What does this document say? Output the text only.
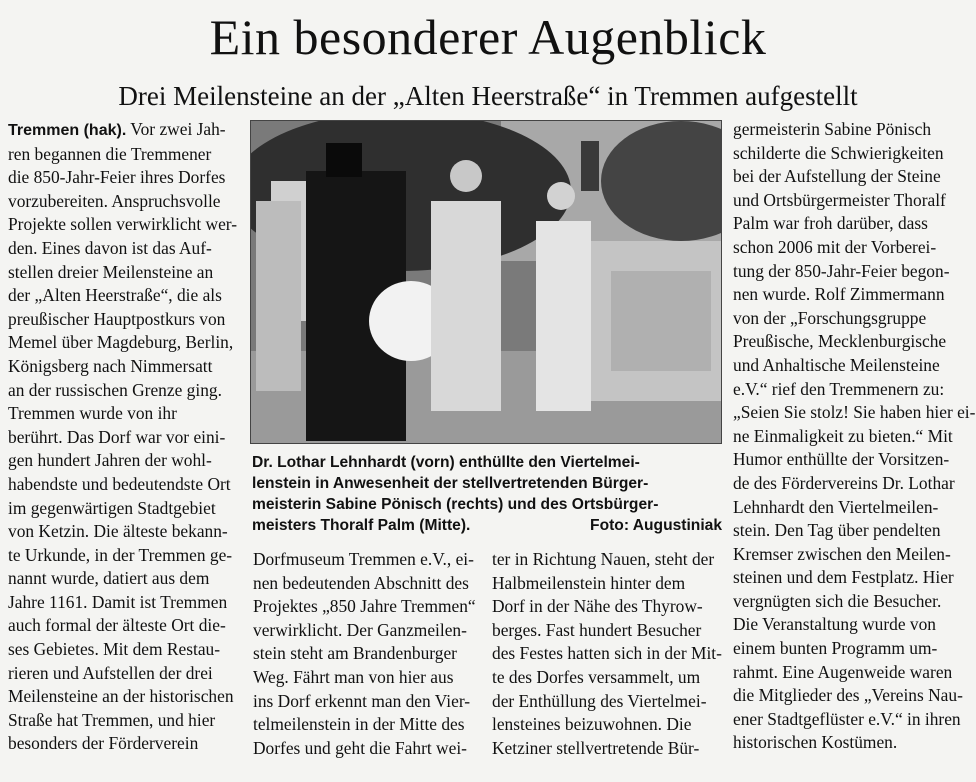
Ein besonderer Augenblick
Drei Meilensteine an der „Alten Heerstraße“ in Tremmen aufgestellt
Tremmen (hak). Vor zwei Jah-
ren begannen die Tremmener
die 850-Jahr-Feier ihres Dorfes
vorzubereiten. Anspruchsvolle
Projekte sollen verwirklicht wer-
den. Eines davon ist das Auf-
stellen dreier Meilensteine an
der „Alten Heerstraße“, die als
preußischer Hauptpostkurs von
Memel über Magdeburg, Berlin,
Königsberg nach Nimmersatt
an der russischen Grenze ging.
Tremmen wurde von ihr
berührt. Das Dorf war vor eini-
gen hundert Jahren der wohl-
habendste und bedeutendste Ort
im gegenwärtigen Stadtgebiet
von Ketzin. Die älteste bekann-
te Urkunde, in der Tremmen ge-
nannt wurde, datiert aus dem
Jahre 1161. Damit ist Tremmen
auch formal der älteste Ort die-
ses Gebietes. Mit dem Restau-
rieren und Aufstellen der drei
Meilensteine an der historischen
Straße hat Tremmen, und hier
besonders der Förderverein
Dr. Lothar Lehnhardt (vorn) enthüllte den Viertelmei-
lenstein in Anwesenheit der stellvertretenden Bürger-
meisterin Sabine Pönisch (rechts) und des Ortsbürger-
meisters Thoralf Palm (Mitte).	Foto: Augustiniak
Dorfmuseum Tremmen e.V., ei-
nen bedeutenden Abschnitt des
Projektes „850 Jahre Tremmen“
verwirklicht. Der Ganzmeilen-
stein steht am Brandenburger
Weg. Fährt man von hier aus
ins Dorf erkennt man den Vier-
telmeilenstein in der Mitte des
Dorfes und geht die Fahrt wei-
ter in Richtung Nauen, steht der
Halbmeilenstein hinter dem
Dorf in der Nähe des Thyrow-
berges. Fast hundert Besucher
des Festes hatten sich in der Mit-
te des Dorfes versammelt, um
der Enthüllung des Viertelmei-
lensteines beizuwohnen. Die
Ketziner stellvertretende Bür-
germeisterin Sabine Pönisch
schilderte die Schwierigkeiten
bei der Aufstellung der Steine
und Ortsbürgermeister Thoralf
Palm war froh darüber, dass
schon 2006 mit der Vorberei-
tung der 850-Jahr-Feier begon-
nen wurde. Rolf Zimmermann
von der „Forschungsgruppe
Preußische, Mecklenburgische
und Anhaltische Meilensteine
e.V.“ rief den Tremmenern zu:
„Seien Sie stolz! Sie haben hier ei-
ne Einmaligkeit zu bieten.“ Mit
Humor enthüllte der Vorsitzen-
de des Fördervereins Dr. Lothar
Lehnhardt den Viertelmeilen-
stein. Den Tag über pendelten
Kremser zwischen den Meilen-
steinen und dem Festplatz. Hier
vergnügten sich die Besucher.
Die Veranstaltung wurde von
einem bunten Programm um-
rahmt. Eine Augenweide waren
die Mitglieder des „Vereins Nau-
ener Stadtgeflüster e.V.“ in ihren
historischen Kostümen.
